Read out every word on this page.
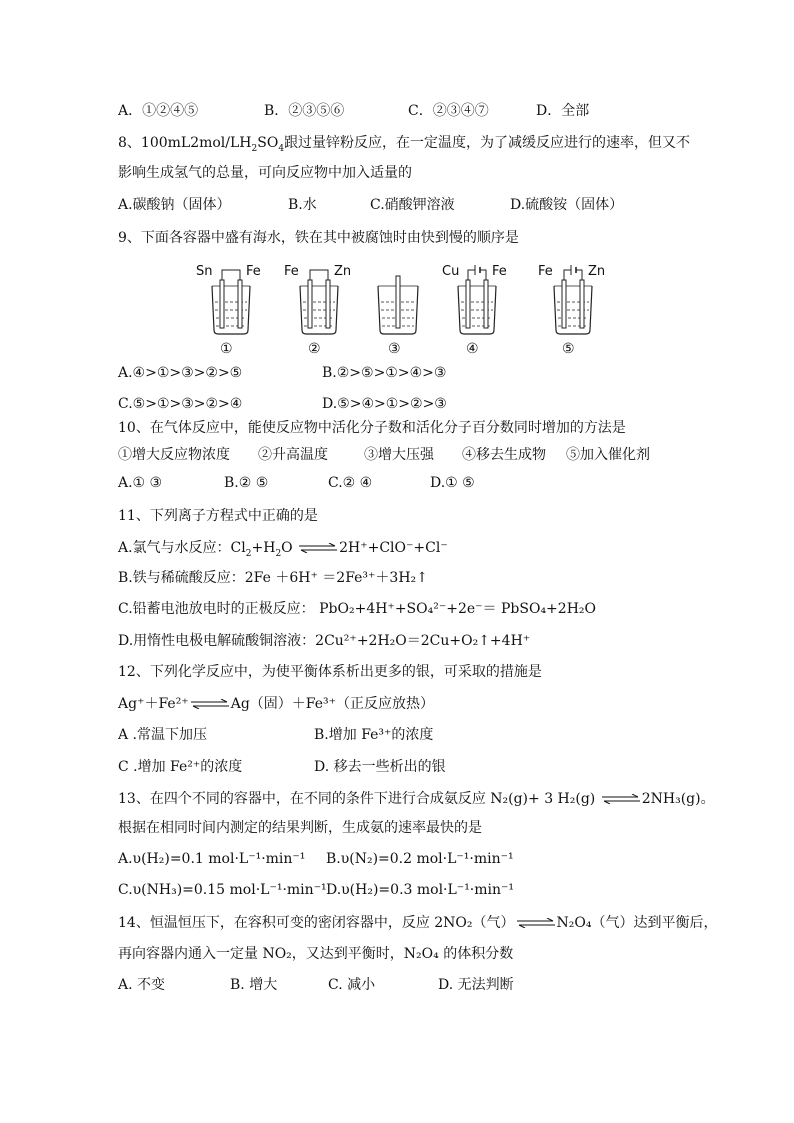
A．①②④⑤	B．②③⑤⑥	C．②③④⑦	D．全部
8、$100mL2mol/LH_2SO_4$跟过量锌粉反应，在一定温度，为了减缓反应进行的速率，但又不
影响生成氢气的总量，可向反应物中加入适量的
A.碳酸钠（固体）	B.水	C.硝酸钾溶液	D.硫酸铵（固体）
9、下面各容器中盛有海水，铁在其中被腐蚀时由快到慢的顺序是
Sn	Fe
①
Fe	Zn
②	③
Cu	Fe
④
Fe	Zn
⑤
A.④>①>③>②>⑤	B.②>⑤>①>④>③
C.⑤>①>③>②>④	D.⑤>④>①>②>③
10、在气体反应中，能使反应物中活化分子数和活化分子百分数同时增加的方法是
①增大反应物浓度 ②升高温度	③增大压强 ④移去生成物 ⑤加入催化剂
A.① ③	B.② ⑤	C.② ④	D.① ⑤
11、下列离子方程式中正确的是
A.氯气与水反应：$Cl_2+H_2O$ ⇌ 2H⁺+ClO⁻+Cl⁻
B.铁与稀硫酸反应：2Fe ＋6H⁺ ＝2Fe³⁺＋3H₂↑
C.铅蓄电池放电时的正极反应： PbO₂+4H⁺+SO₄²⁻+2e⁻＝ PbSO₄+2H₂O
D.用惰性电极电解硫酸铜溶液：2Cu²⁺+2H₂O＝2Cu+O₂↑+4H⁺
12、下列化学反应中，为使平衡体系析出更多的银，可采取的措施是
Ag⁺＋Fe²⁺ ⇌ Ag（固）＋Fe³⁺（正反应放热）
A .常温下加压	B.增加 Fe³⁺的浓度
C .增加 Fe²⁺的浓度	D. 移去一些析出的银
13、在四个不同的容器中，在不同的条件下进行合成氨反应 N₂(g)+ 3 H₂(g) ⇌ 2NH₃(g)。
根据在相同时间内测定的结果判断，生成氨的速率最快的是
A.υ(H₂)=0.1 mol·L⁻¹·min⁻¹ B.υ(N₂)=0.2 mol·L⁻¹·min⁻¹
C.υ(NH₃)=0.15 mol·L⁻¹·min⁻¹ D.υ(H₂)=0.3 mol·L⁻¹·min⁻¹
14、恒温恒压下，在容积可变的密闭容器中，反应 2NO₂（气） ⇌ N₂O₄（气）达到平衡后，
再向容器内通入一定量 NO₂，又达到平衡时，N₂O₄ 的体积分数
A. 不变	B. 增大	C. 减小	D. 无法判断
